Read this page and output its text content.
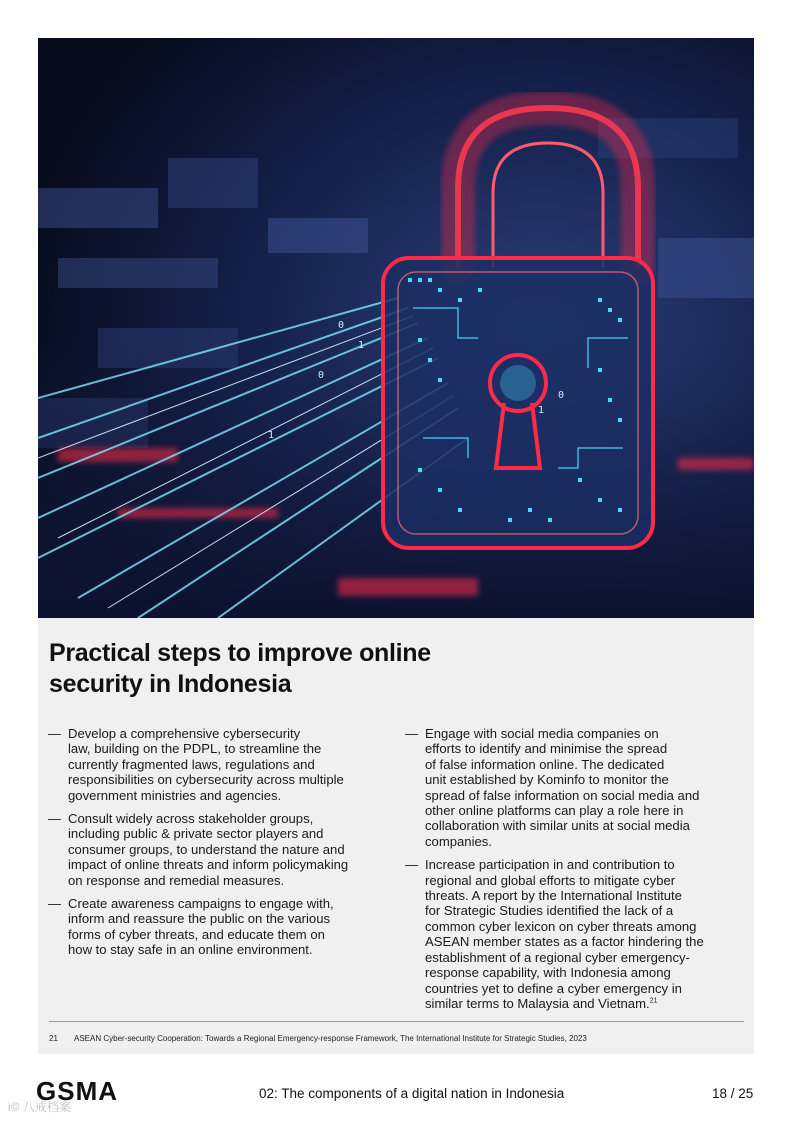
0
1
0
1
0
1
Practical steps to improve online
security in Indonesia
— Develop a comprehensive cybersecurity
law, building on the PDPL, to streamline the
currently fragmented laws, regulations and
responsibilities on cybersecurity across multiple
government ministries and agencies.
— Consult widely across stakeholder groups,
including public & private sector players and
consumer groups, to understand the nature and
impact of online threats and inform policymaking
on response and remedial measures.
— Create awareness campaigns to engage with,
inform and reassure the public on the various
forms of cyber threats, and educate them on
how to stay safe in an online environment.
— Engage with social media companies on
efforts to identify and minimise the spread
of false information online. The dedicated
unit established by Kominfo to monitor the
spread of false information on social media and
other online platforms can play a role here in
collaboration with similar units at social media
companies.
— Increase participation in and contribution to
regional and global efforts to mitigate cyber
threats. A report by the International Institute
for Strategic Studies identified the lack of a
common cyber lexicon on cyber threats among
ASEAN member states as a factor hindering the
establishment of a regional cyber emergency-
response capability, with Indonesia among
countries yet to define a cyber emergency in
similar terms to Malaysia and Vietnam.$^{21}$
21 ASEAN Cyber-security Cooperation: Towards a Regional Emergency-response Framework, The International Institute for Strategic Studies, 2023
GSMA	02: The components of a digital nation in Indonesia	18 / 25
i© 八戒档案
